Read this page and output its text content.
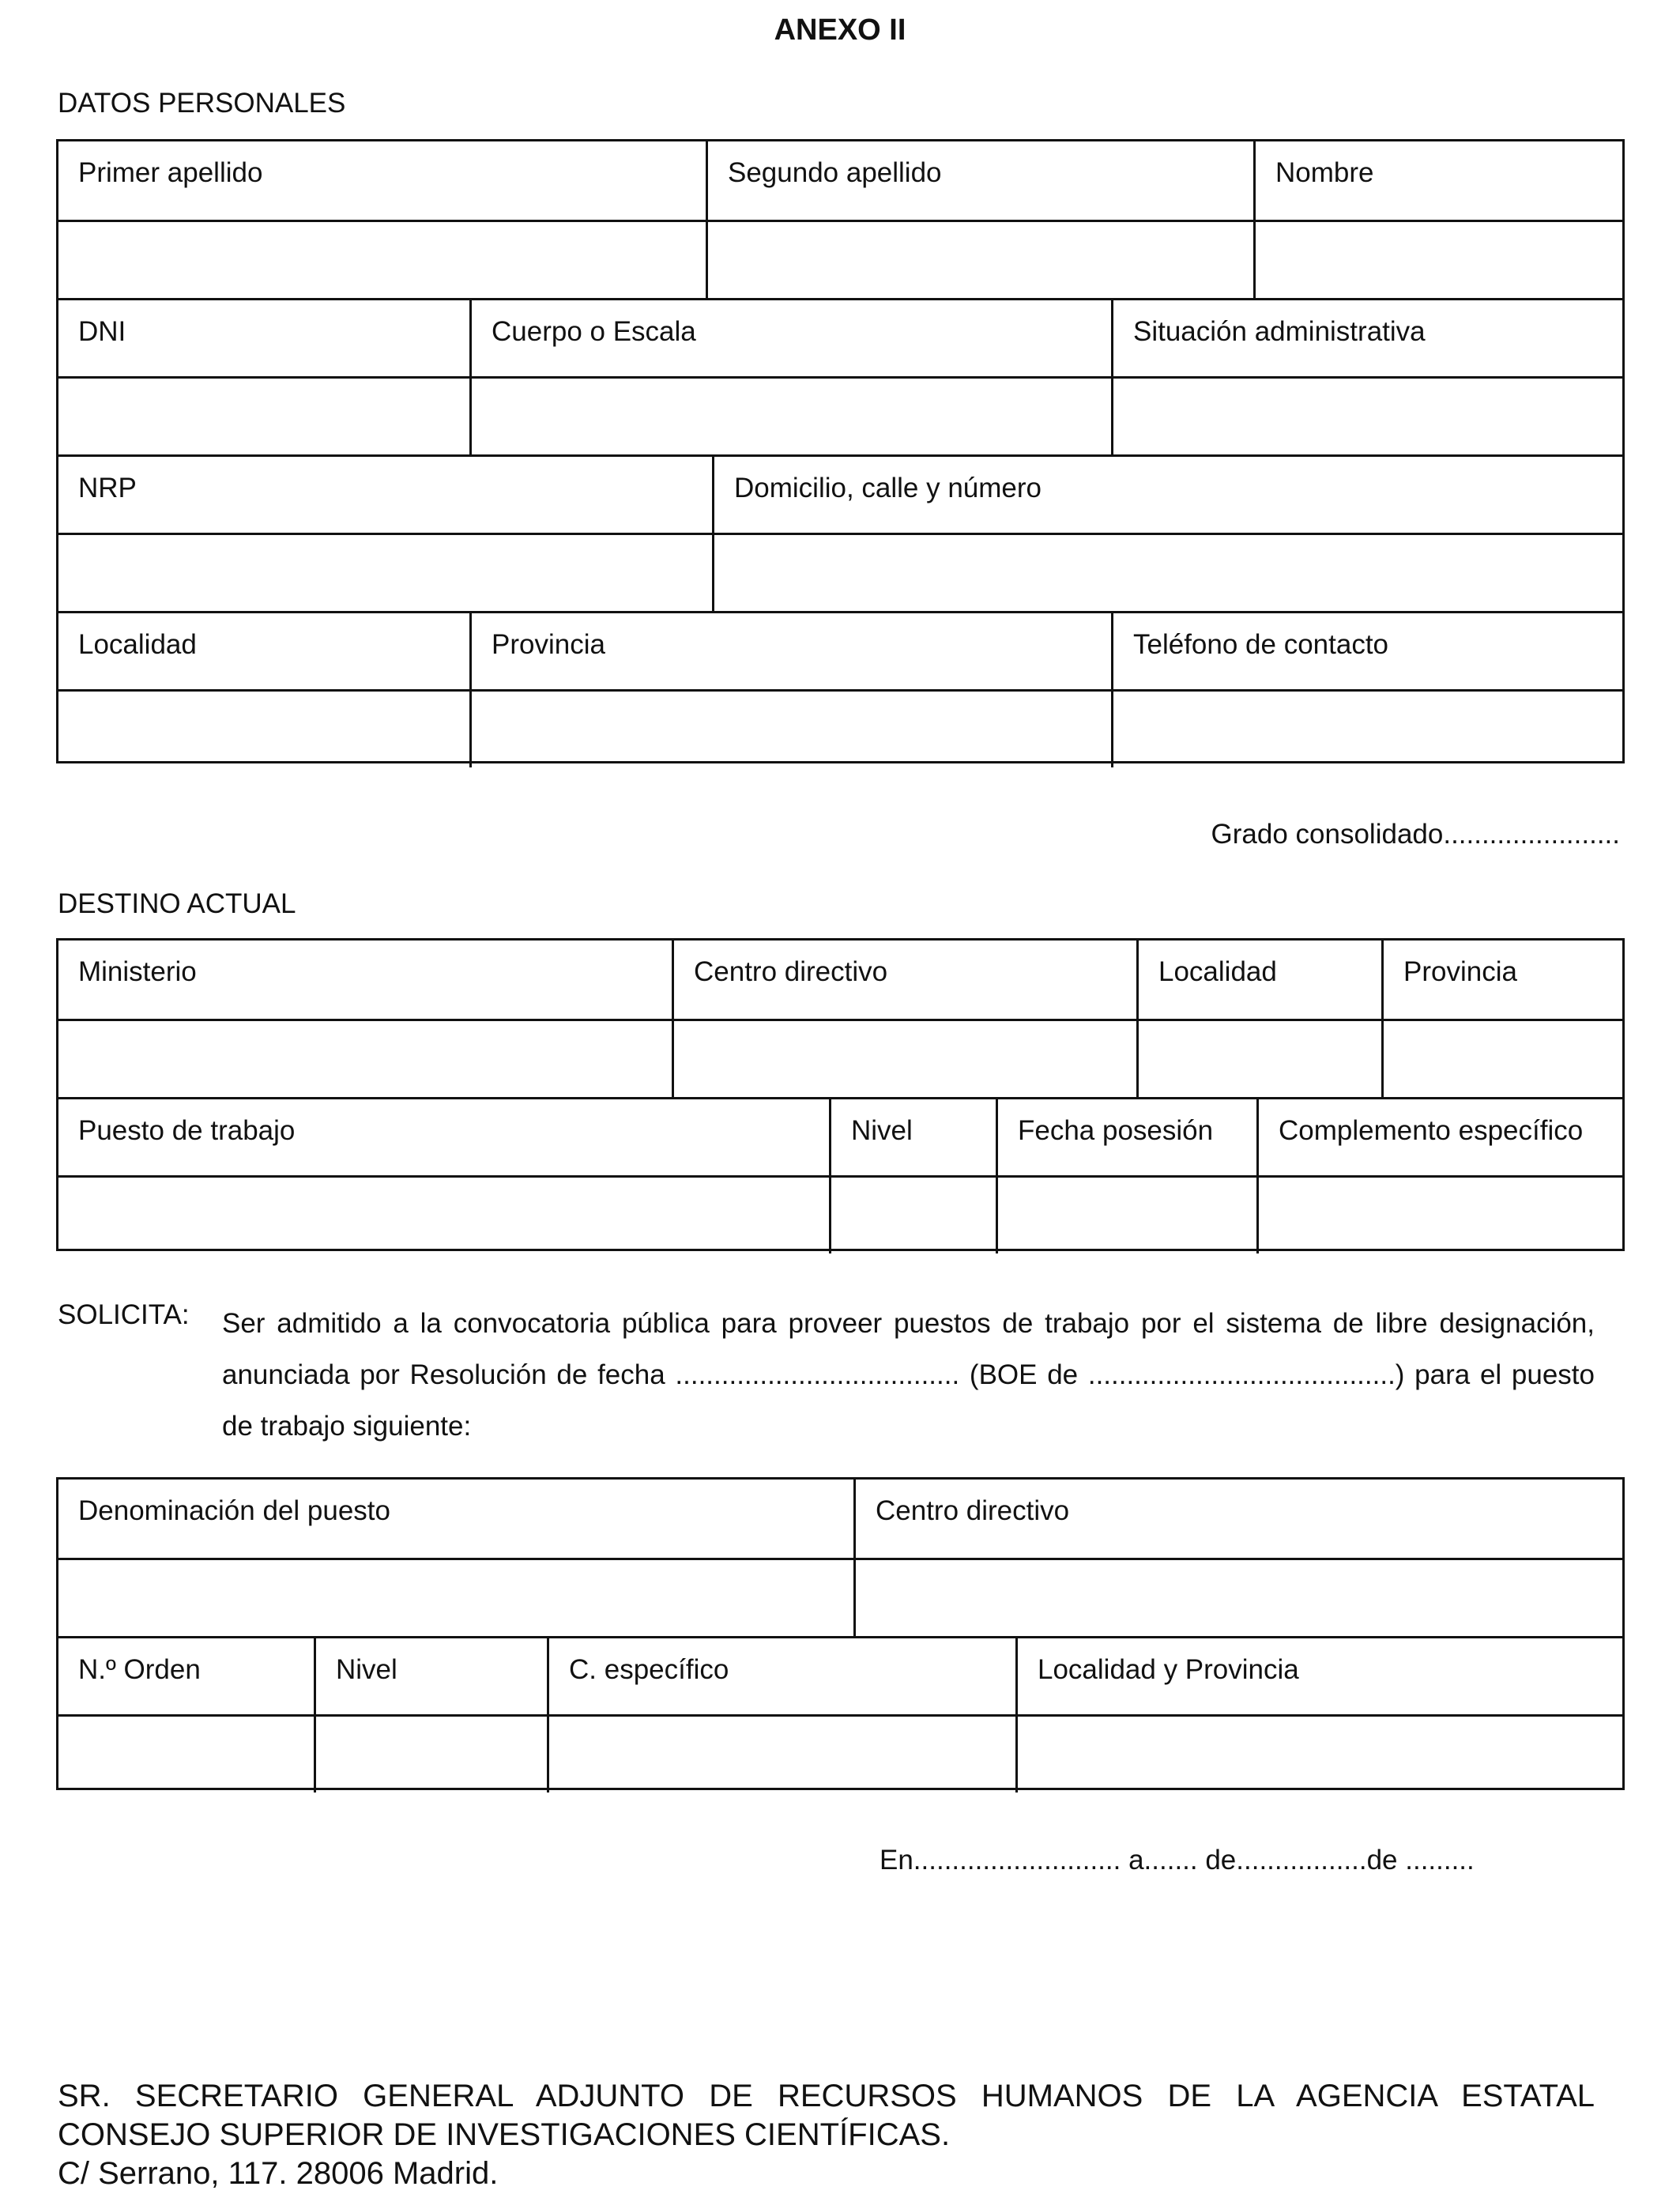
ANEXO II
DATOS PERSONALES
Primer apellido	Segundo apellido	Nombre
DNI	Cuerpo o Escala	Situación administrativa
NRP	Domicilio, calle y número
Localidad	Provincia	Teléfono de contacto
Grado consolidado.......................
DESTINO ACTUAL
Ministerio	Centro directivo	Localidad	Provincia
Puesto de trabajo	Nivel	Fecha posesión	Complemento específico
SOLICITA: Ser admitido a la convocatoria pública para proveer puestos de trabajo por el sistema de libre designación, anunciada por Resolución de fecha ..................................... (BOE de ........................................) para el puesto de trabajo siguiente:
Denominación del puesto	Centro directivo
N.º Orden	Nivel	C. específico	Localidad y Provincia
En........................... a....... de.................de .........
SR. SECRETARIO GENERAL ADJUNTO DE RECURSOS HUMANOS DE LA AGENCIA ESTATAL
CONSEJO SUPERIOR DE INVESTIGACIONES CIENTÍFICAS.
C/ Serrano, 117. 28006 Madrid.
